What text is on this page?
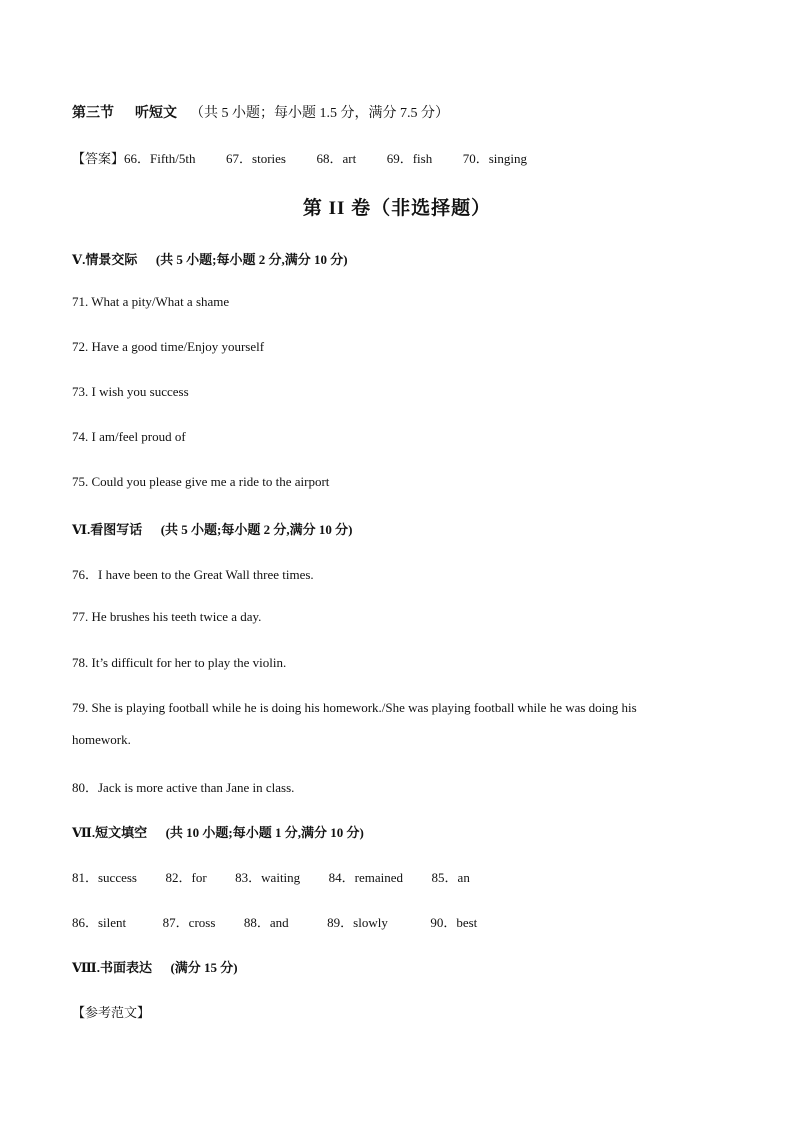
第三节 听短文 （共 5 小题；每小题 1.5 分，满分 7.5 分）
【答案】66．Fifth/5th 67．stories 68．art 69．fish 70．singing
第 II 卷（非选择题）
Ⅴ.情景交际 (共 5 小题;每小题 2 分,满分 10 分)
71. What a pity/What a shame
72. Have a good time/Enjoy yourself
73. I wish you success
74. I am/feel proud of
75. Could you please give me a ride to the airport
Ⅵ.看图写话 (共 5 小题;每小题 2 分,满分 10 分)
76．I have been to the Great Wall three times.
77. He brushes his teeth twice a day.
78. It’s difficult for her to play the violin.
79. She is playing football while he is doing his homework./She was playing football while he was doing his
homework.
80．Jack is more active than Jane in class.
Ⅶ.短文填空 (共 10 小题;每小题 1 分,满分 10 分)
81．success 82．for 83．waiting 84．remained 85．an
86．silent	87．cross 88．and	89．slowly	90．best
Ⅷ.书面表达 (满分 15 分)
【参考范文】
